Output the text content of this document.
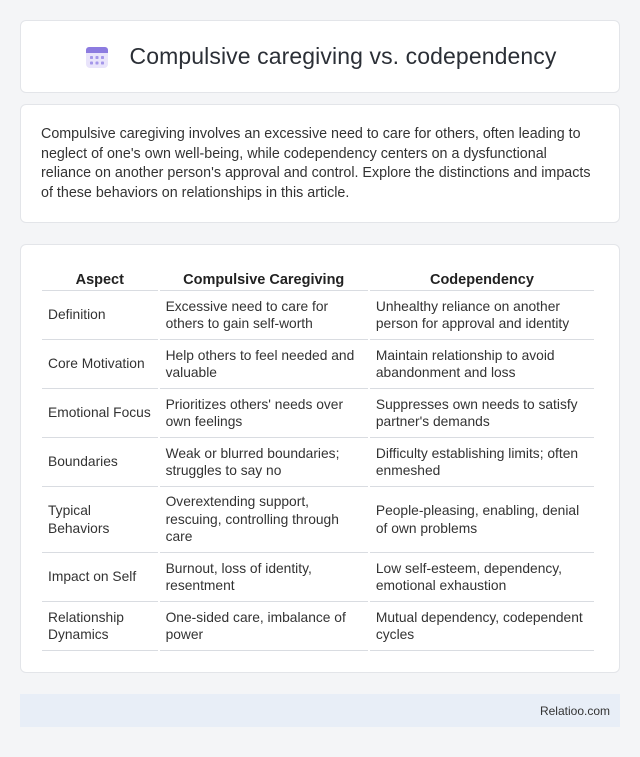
Compulsive caregiving vs. codependency

Compulsive caregiving involves an excessive need to care for others, often leading to neglect of one's own well-being, while codependency centers on a dysfunctional reliance on another person's approval and control. Explore the distinctions and impacts of these behaviors on relationships in this article.

Aspect	Compulsive Caregiving	Codependency
Definition	Excessive need to care for others to gain self-worth	Unhealthy reliance on another person for approval and identity
Core Motivation	Help others to feel needed and valuable	Maintain relationship to avoid abandonment and loss
Emotional Focus	Prioritizes others' needs over own feelings	Suppresses own needs to satisfy partner's demands
Boundaries	Weak or blurred boundaries; struggles to say no	Difficulty establishing limits; often enmeshed
Typical Behaviors	Overextending support, rescuing, controlling through care	People-pleasing, enabling, denial of own problems
Impact on Self	Burnout, loss of identity, resentment	Low self-esteem, dependency, emotional exhaustion
Relationship Dynamics	One-sided care, imbalance of power	Mutual dependency, codependent cycles
Relatioo.com
